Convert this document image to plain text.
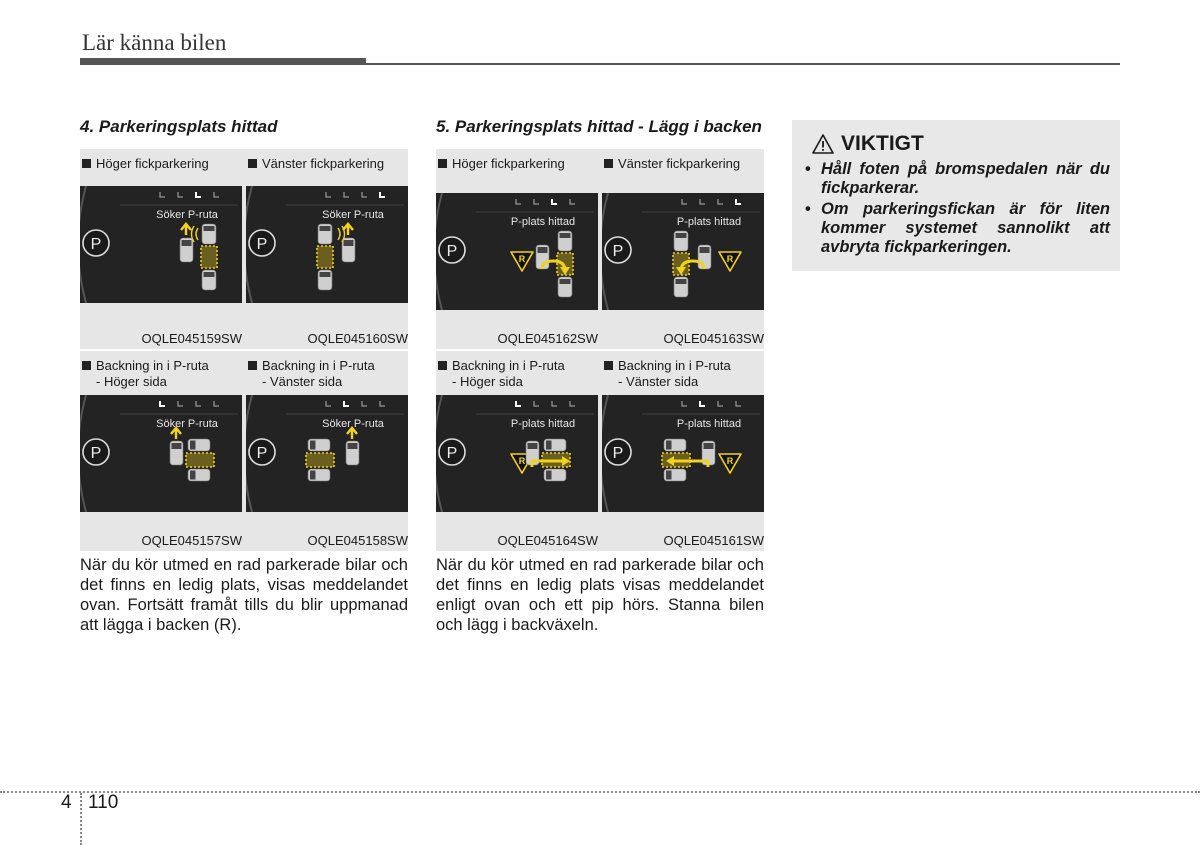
Lär känna bilen
4. Parkeringsplats hittad
Höger fickparkering
P
Söker P-ruta
OQLE045159SW
Vänster fickparkering
P
Söker P-ruta
OQLE045160SW
Backning in i P-ruta
- Höger sida
P
Söker P-ruta
OQLE045157SW
Backning in i P-ruta
- Vänster sida
P
Söker P-ruta
OQLE045158SW
När du kör utmed en rad parkerade bilar och det finns en ledig plats, visas meddelandet ovan. Fortsätt framåt tills du blir uppmanad att lägga i backen (R).
5. Parkeringsplats hittad - Lägg i backen
Höger fickparkering
P
P-plats hittad
R
OQLE045162SW
Vänster fickparkering
P
P-plats hittad
R
OQLE045163SW
Backning in i P-ruta
- Höger sida
P
P-plats hittad
R
OQLE045164SW
Backning in i P-ruta
- Vänster sida
P
P-plats hittad
R
OQLE045161SW
När du kör utmed en rad parkerade bilar och det finns en ledig plats visas meddelandet enligt ovan och ett pip hörs. Stanna bilen och lägg i backväxeln.
VIKTIGT
• Håll foten på bromspedalen när du fickparkerar.
• Om parkeringsfickan är för liten kommer systemet sannolikt att avbryta fickparkeringen.
4 110
